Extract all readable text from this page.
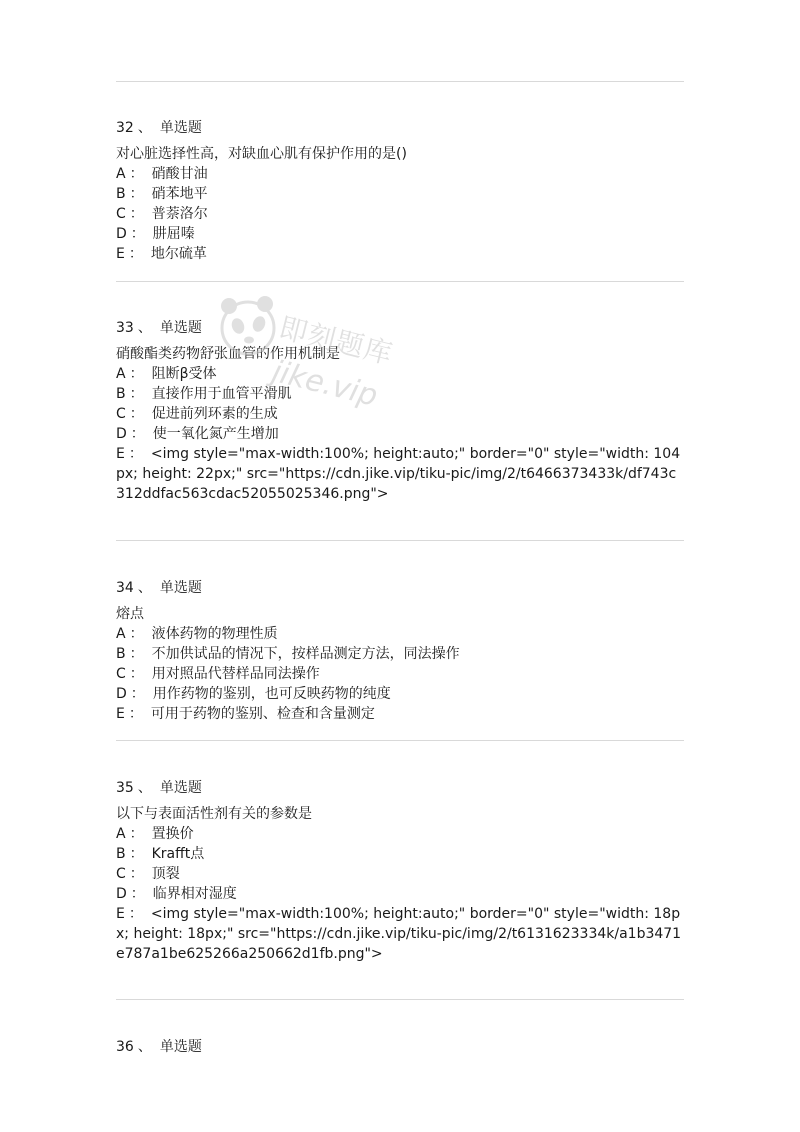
32 、 单选题
对心脏选择性高，对缺血心肌有保护作用的是()
A ： 硝酸甘油
B ： 硝苯地平
C ： 普萘洛尔
D ： 肼屈嗪
E ： 地尔硫革
33 、 单选题
硝酸酯类药物舒张血管的作用机制是
A ： 阻断β受体
B ： 直接作用于血管平滑肌
C ： 促进前列环素的生成
D ： 使一氧化氮产生增加
E ： <img style="max-width:100%; height:auto;" border="0" style="width: 104px; height: 22px;" src="https://cdn.jike.vip/tiku-pic/img/2/t6466373433k/df743c312ddfac563cdac52055025346.png">
34 、 单选题
熔点
A ： 液体药物的物理性质
B ： 不加供试品的情况下，按样品测定方法，同法操作
C ： 用对照品代替样品同法操作
D ： 用作药物的鉴别，也可反映药物的纯度
E ： 可用于药物的鉴别、检查和含量测定
35 、 单选题
以下与表面活性剂有关的参数是
A ： 置换价
B ： Krafft点
C ： 顶裂
D ： 临界相对湿度
E ： <img style="max-width:100%; height:auto;" border="0" style="width: 18px; height: 18px;" src="https://cdn.jike.vip/tiku-pic/img/2/t6131623334k/a1b3471e787a1be625266a250662d1fb.png">
36 、 单选题
即刻题库
jike.vip
